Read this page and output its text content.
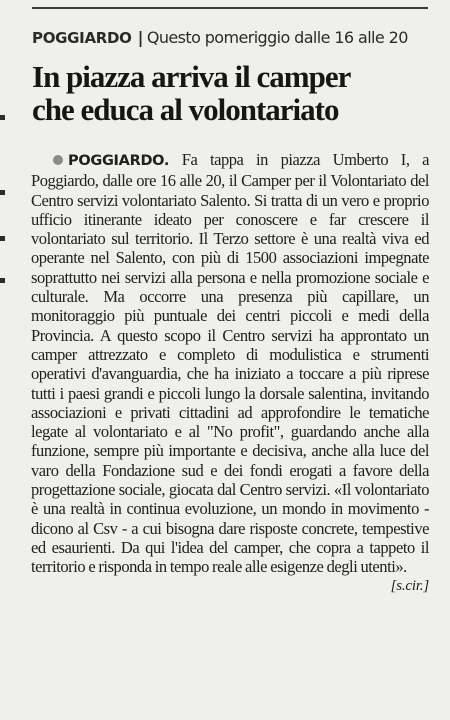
POGGIARDO | Questo pomeriggio dalle 16 alle 20
In piazza arriva il camper
che educa al volontariato

POGGIARDO. Fa tappa in piazza Umberto I, a Poggiardo, dalle ore 16 alle 20, il Camper per il Volontariato del Centro servizi volontariato Salento. Si tratta di un vero e proprio ufficio itinerante ideato per conoscere e far crescere il volontariato sul territorio. Il Terzo settore è una realtà viva ed operante nel Salento, con più di 1500 associazioni impegnate soprattutto nei servizi alla persona e nella promozione sociale e culturale. Ma occorre una presenza più capillare, un monitoraggio più puntuale dei centri piccoli e medi della Provincia. A questo scopo il Centro servizi ha approntato un camper attrezzato e completo di modulistica e strumenti operativi d'avanguardia, che ha iniziato a toccare a più riprese tutti i paesi grandi e piccoli lungo la dorsale salentina, invitando associazioni e privati cittadini ad approfondire le tematiche legate al volontariato e al "No profit", guardando anche alla funzione, sempre più importante e decisiva, anche alla luce del varo della Fondazione sud e dei fondi erogati a favore della progettazione sociale, giocata dal Centro servizi. «Il volontariato è una realtà in continua evoluzione, un mondo in movimento - dicono al Csv - a cui bisogna dare risposte concrete, tempestive ed esaurienti. Da qui l'idea del camper, che copra a tappeto il territorio e risponda in tempo reale alle esigenze degli utenti».
[s.cir.]
